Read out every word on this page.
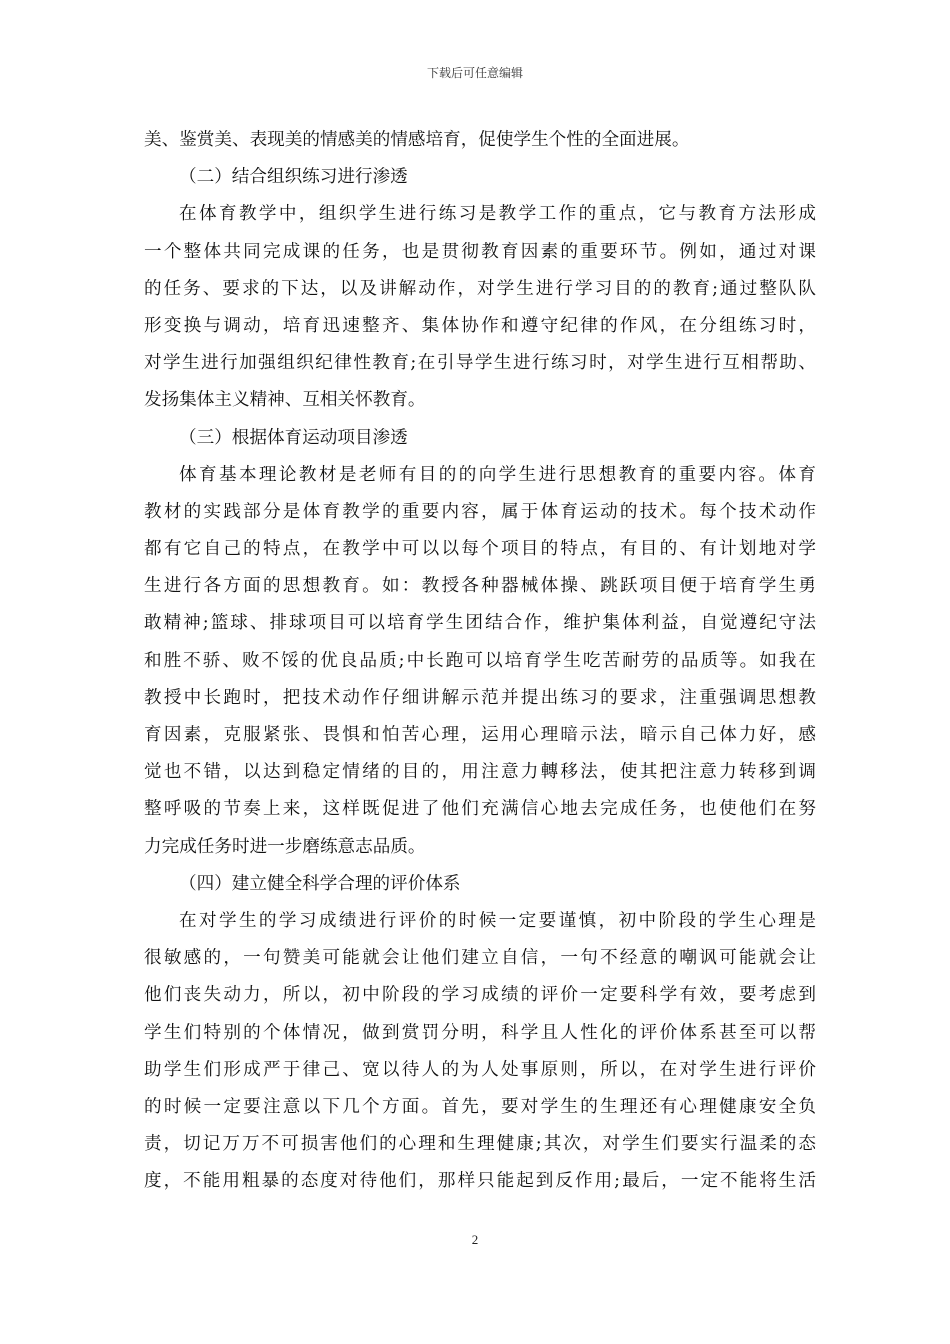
下载后可任意编辑
美、鉴赏美、表现美的情感美的情感培育，促使学生个性的全面进展。
（二）结合组织练习进行渗透
在体育教学中，组织学生进行练习是教学工作的重点，它与教育方法形成
一个整体共同完成课的任务，也是贯彻教育因素的重要环节。例如，通过对课
的任务、要求的下达，以及讲解动作，对学生进行学习目的的教育;通过整队队
形变换与调动，培育迅速整齐、集体协作和遵守纪律的作风，在分组练习时，
对学生进行加强组织纪律性教育;在引导学生进行练习时，对学生进行互相帮助、
发扬集体主义精神、互相关怀教育。
（三）根据体育运动项目渗透
体育基本理论教材是老师有目的的向学生进行思想教育的重要内容。体育
教材的实践部分是体育教学的重要内容，属于体育运动的技术。每个技术动作
都有它自己的特点，在教学中可以以每个项目的特点，有目的、有计划地对学
生进行各方面的思想教育。如：教授各种器械体操、跳跃项目便于培育学生勇
敢精神;篮球、排球项目可以培育学生团结合作，维护集体利益，自觉遵纪守法
和胜不骄、败不馁的优良品质;中长跑可以培育学生吃苦耐劳的品质等。如我在
教授中长跑时，把技术动作仔细讲解示范并提出练习的要求，注重强调思想教
育因素，克服紧张、畏惧和怕苦心理，运用心理暗示法，暗示自己体力好，感
觉也不错，以达到稳定情绪的目的，用注意力轉移法，使其把注意力转移到调
整呼吸的节奏上来，这样既促进了他们充满信心地去完成任务，也使他们在努
力完成任务时进一步磨练意志品质。
（四）建立健全科学合理的评价体系
在对学生的学习成绩进行评价的时候一定要谨慎，初中阶段的学生心理是
很敏感的，一句赞美可能就会让他们建立自信，一句不经意的嘲讽可能就会让
他们丧失动力，所以，初中阶段的学习成绩的评价一定要科学有效，要考虑到
学生们特别的个体情况，做到赏罚分明，科学且人性化的评价体系甚至可以帮
助学生们形成严于律己、宽以待人的为人处事原则，所以，在对学生进行评价
的时候一定要注意以下几个方面。首先，要对学生的生理还有心理健康安全负
责，切记万万不可损害他们的心理和生理健康;其次，对学生们要实行温柔的态
度，不能用粗暴的态度对待他们，那样只能起到反作用;最后，一定不能将生活
2
